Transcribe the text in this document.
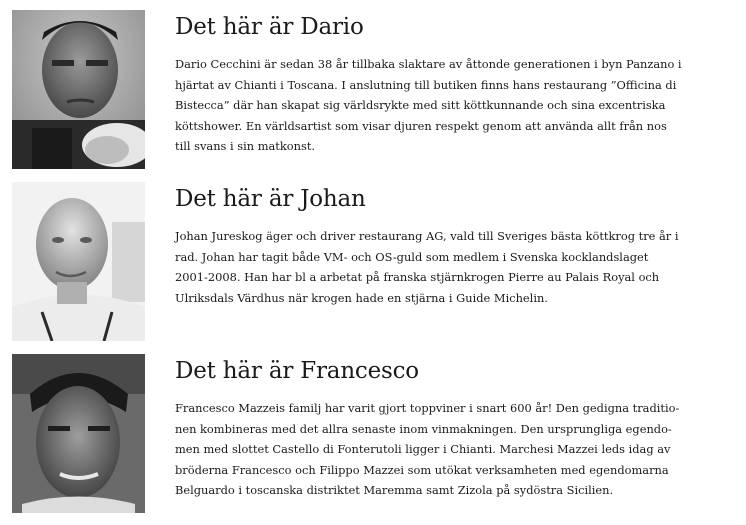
Det här är Dario

Dario Cecchini är sedan 38 år tillbaka slaktare av åttonde generationen i byn Panzano i
hjärtat av Chianti i Toscana. I anslutning till butiken finns hans restaurang ”Officina di
Bistecca” där han skapat sig världsrykte med sitt köttkunnande och sina excentriska
köttshower. En världsartist som visar djuren respekt genom att använda allt från nos
till svans i sin matkonst.

Det här är Johan

Johan Jureskog äger och driver restaurang AG, vald till Sveriges bästa köttkrog tre år i
rad. Johan har tagit både VM- och OS-guld som medlem i Svenska kocklandslaget
2001-2008. Han har bl a arbetat på franska stjärnkrogen Pierre au Palais Royal och
Ulriksdals Värdhus när krogen hade en stjärna i Guide Michelin.

Det här är Francesco

Francesco Mazzeis familj har varit gjort toppviner i snart 600 år! Den gedigna traditio-
nen kombineras med det allra senaste inom vinmakningen. Den ursprungliga egendo-
men med slottet Castello di Fonterutoli ligger i Chianti. Marchesi Mazzei leds idag av
bröderna Francesco och Filippo Mazzei som utökat verksamheten med egendomarna
Belguardo i toscanska distriktet Maremma samt Zizola på sydöstra Sicilien.
